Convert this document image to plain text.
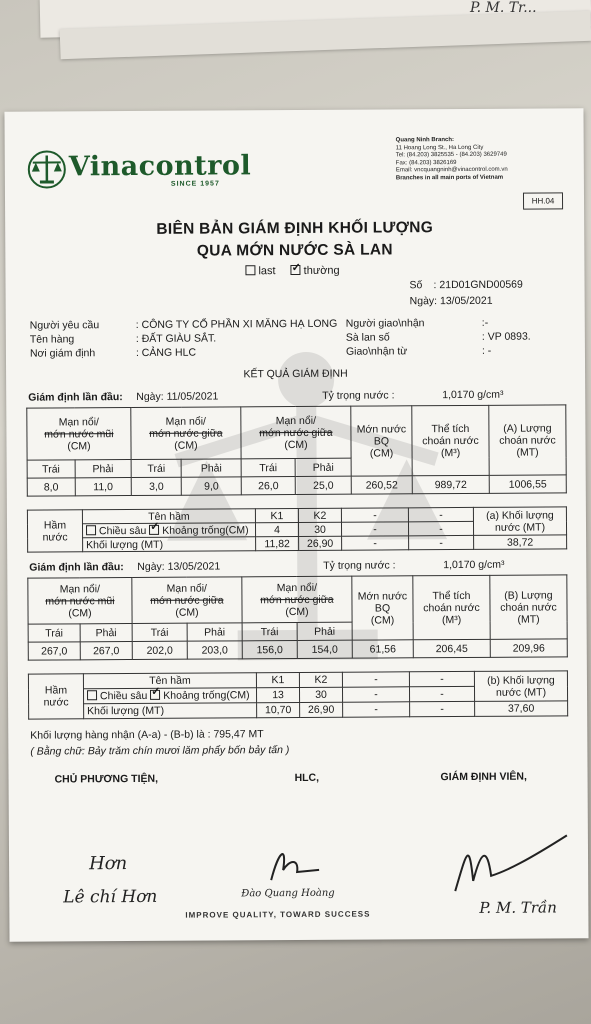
P. M. Tr...
Vinacontrol
SINCE 1957
Quang Ninh Branch:
11 Hoang Long St., Ha Long City
Tel: (84.203) 3825535 - (84.203) 3629749
Fax: (84.203) 3826169
Email: vncquangninh@vinacontrol.com.vn
Branches in all main ports of Vietnam
HH.04
BIÊN BẢN GIÁM ĐỊNH KHỐI LƯỢNG
QUA MỚN NƯỚC SÀ LAN
last ✓	thường
Số : 21D01GND00569
Ngày: 13/05/2021
Người yêu cầu	: CÔNG TY CỔ PHẦN XI MĂNG HẠ LONG
Tên hàng	: ĐẤT GIÀU SẮT.
Nơi giám định	: CẢNG HLC
Người giao\nhận	:-
Sà lan số	: VP 0893.
Giao\nhận từ	: -
KẾT QUẢ GIÁM ĐỊNH
Giám định lần đầu: Ngày: 11/05/2021	Tỷ trọng nước :	1,0170 g/cm³
Mạn nổi/
mớn nước mũi
(CM)		Mạn nổi/
mớn nước giữa
(CM)		Mạn nổi/
mớn nước giữa
(CM)		Mớn nước
BQ
(CM)	Thể tích
choán nước
(M³)	(A) Lượng
choán nước
(MT)
Trái	Phải	Trái	Phải	Trái	Phải			
8,0	11,0	3,0	9,0	26,0	25,0	260,52	989,72	1006,55
Hầm
nước	Tên hầm	K1	K2	-	-	(a) Khối lượng
nước (MT)
	Chiều sâu ✓ Khoảng trống(CM)	4	30	-	-	
	Khối lượng (MT)	11,82	26,90	-	-	38,72
Giám định lần đầu: Ngày: 13/05/2021	Tỷ trọng nước :	1,0170 g/cm³
Mạn nổi/
mớn nước mũi
(CM)		Mạn nổi/
mớn nước giữa
(CM)		Mạn nổi/
mớn nước giữa
(CM)		Mớn nước
BQ
(CM)	Thể tích
choán nước
(M³)	(B) Lượng
choán nước
(MT)
Trái	Phải	Trái	Phải	Trái	Phải			
267,0	267,0	202,0	203,0	156,0	154,0	61,56	206,45	209,96
Hầm
nước	Tên hầm	K1	K2	-	-	(b) Khối lượng
nước (MT)
	Chiều sâu ✓ Khoảng trống(CM)	13	30	-	-	
	Khối lượng (MT)	10,70	26,90	-	-	37,60
Khối lượng hàng nhận (A-a) - (B-b) là : 795,47 MT
( Bằng chữ: Bảy trăm chín mươi lăm phẩy bốn bảy tấn )
CHỦ PHƯƠNG TIỆN,	HLC,	GIÁM ĐỊNH VIÊN,
Hơn
Lê chí Hơn	Đào Quang Hoàng
P. M. Trần
IMPROVE QUALITY, TOWARD SUCCESS
